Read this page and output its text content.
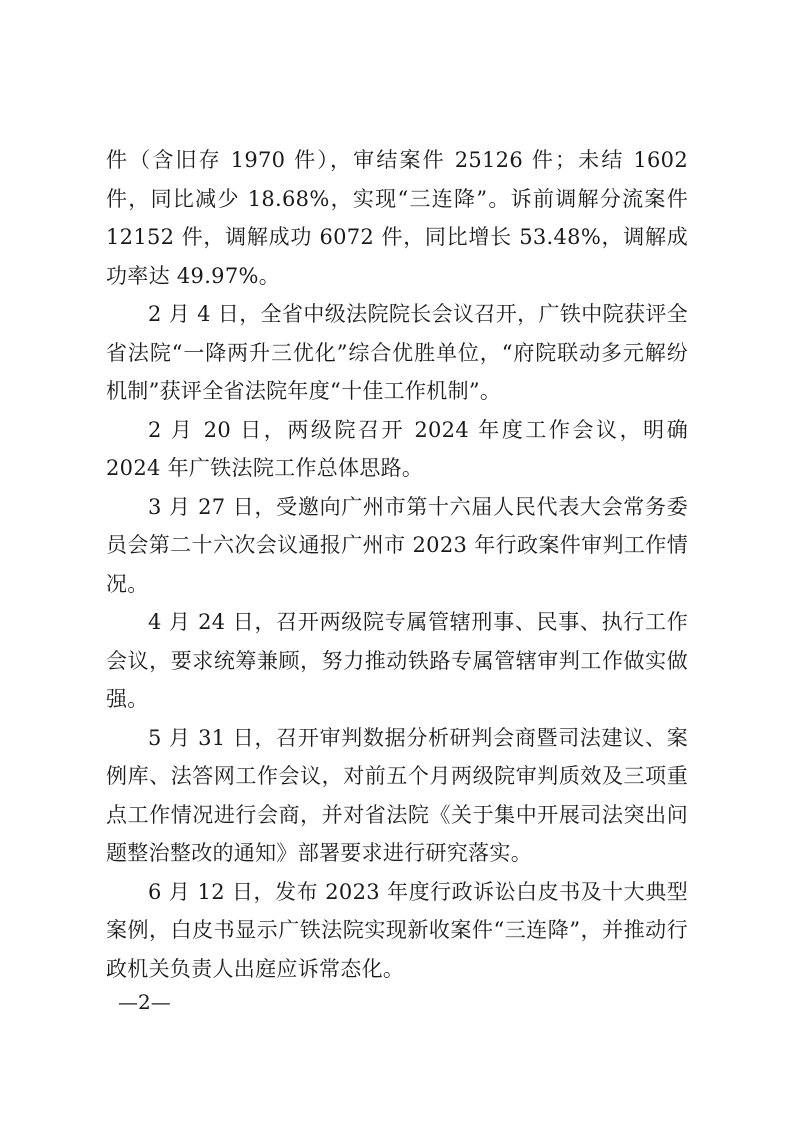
件（含旧存 1970 件），审结案件 25126 件；未结 1602 件，同比减少 18.68%，实现“三连降”。诉前调解分流案件 12152 件，调解成功 6072 件，同比增长 53.48%，调解成功率达 49.97%。

2 月 4 日，全省中级法院院长会议召开，广铁中院获评全省法院“一降两升三优化”综合优胜单位，“府院联动多元解纷机制”获评全省法院年度“十佳工作机制”。

2 月 20 日，两级院召开 2024 年度工作会议，明确 2024 年广铁法院工作总体思路。

3 月 27 日，受邀向广州市第十六届人民代表大会常务委员会第二十六次会议通报广州市 2023 年行政案件审判工作情况。

4 月 24 日，召开两级院专属管辖刑事、民事、执行工作会议，要求统筹兼顾，努力推动铁路专属管辖审判工作做实做强。

5 月 31 日，召开审判数据分析研判会商暨司法建议、案例库、法答网工作会议，对前五个月两级院审判质效及三项重点工作情况进行会商，并对省法院《关于集中开展司法突出问题整治整改的通知》部署要求进行研究落实。

6 月 12 日，发布 2023 年度行政诉讼白皮书及十大典型案例，白皮书显示广铁法院实现新收案件“三连降”，并推动行政机关负责人出庭应诉常态化。

—2—
